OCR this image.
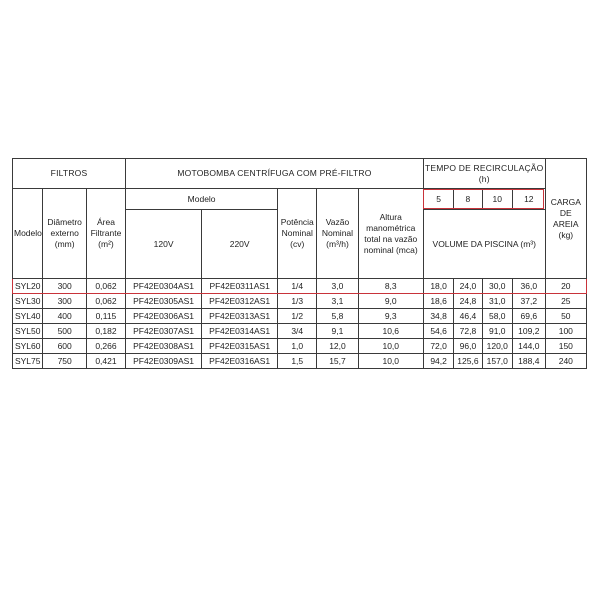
FILTROS			MOTOBOMBA CENTRÍFUGA COM PRÉ-FILTRO					TEMPO DE RECIRCULAÇÃO (h)				CARGA DE AREIA (kg)
Modelo	Diâmetro externo (mm)	Área Filtrante (m²)	Modelo		Potência Nominal (cv)	Vazão Nominal (m³/h)	Altura manométrica total na vazão nominal (mca)	5	8	10	12	
			120V	220V				VOLUME DA PISCINA (m³)				

SYL20	300	0,062	PF42E0304AS1	PF42E0311AS1	1/4	3,0	8,3	18,0	24,0	30,0	36,0	20
SYL30	300	0,062	PF42E0305AS1	PF42E0312AS1	1/3	3,1	9,0	18,6	24,8	31,0	37,2	25
SYL40	400	0,115	PF42E0306AS1	PF42E0313AS1	1/2	5,8	9,3	34,8	46,4	58,0	69,6	50
SYL50	500	0,182	PF42E0307AS1	PF42E0314AS1	3/4	9,1	10,6	54,6	72,8	91,0	109,2	100
SYL60	600	0,266	PF42E0308AS1	PF42E0315AS1	1,0	12,0	10,0	72,0	96,0	120,0	144,0	150
SYL75	750	0,421	PF42E0309AS1	PF42E0316AS1	1,5	15,7	10,0	94,2	125,6	157,0	188,4	240
